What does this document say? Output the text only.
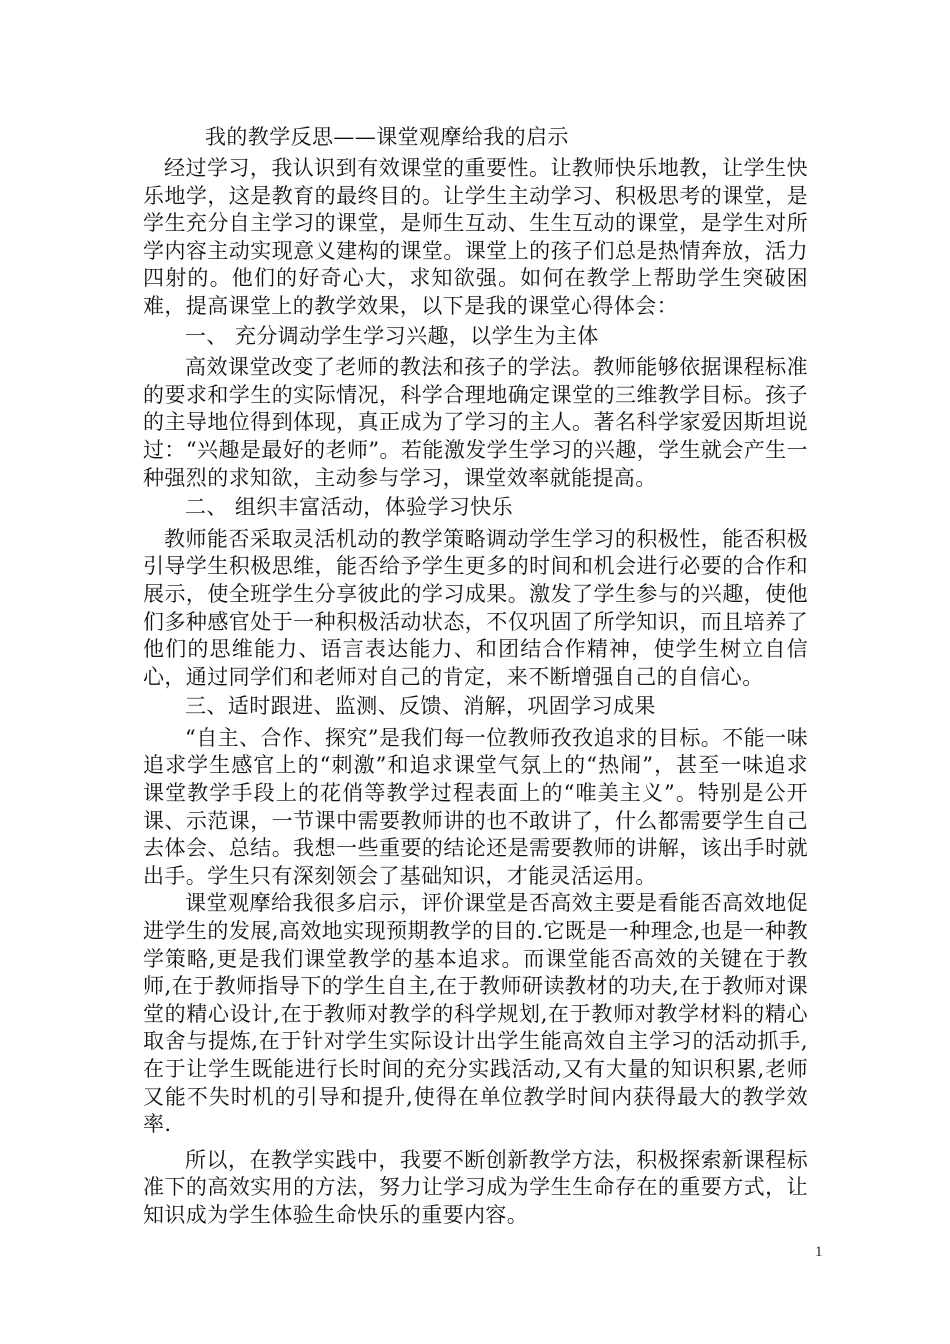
我的教学反思——课堂观摩给我的启示

经过学习，我认识到有效课堂的重要性。让教师快乐地教，让学生快乐地学，这是教育的最终目的。让学生主动学习、积极思考的课堂，是学生充分自主学习的课堂，是师生互动、生生互动的课堂，是学生对所学内容主动实现意义建构的课堂。课堂上的孩子们总是热情奔放，活力四射的。他们的好奇心大，求知欲强。如何在教学上帮助学生突破困难，提高课堂上的教学效果，以下是我的课堂心得体会：

一、 充分调动学生学习兴趣，以学生为主体

高效课堂改变了老师的教法和孩子的学法。教师能够依据课程标准的要求和学生的实际情况，科学合理地确定课堂的三维教学目标。孩子的主导地位得到体现，真正成为了学习的主人。著名科学家爱因斯坦说过：“兴趣是最好的老师”。若能激发学生学习的兴趣，学生就会产生一种强烈的求知欲，主动参与学习，课堂效率就能提高。

二、 组织丰富活动，体验学习快乐

教师能否采取灵活机动的教学策略调动学生学习的积极性，能否积极引导学生积极思维，能否给予学生更多的时间和机会进行必要的合作和展示，使全班学生分享彼此的学习成果。激发了学生参与的兴趣，使他们多种感官处于一种积极活动状态，不仅巩固了所学知识，而且培养了他们的思维能力、语言表达能力、和团结合作精神，使学生树立自信心，通过同学们和老师对自己的肯定，来不断增强自己的自信心。

三、适时跟进、监测、反馈、消解，巩固学习成果

“自主、合作、探究”是我们每一位教师孜孜追求的目标。不能一味追求学生感官上的“刺激”和追求课堂气氛上的“热闹”，甚至一味追求课堂教学手段上的花俏等教学过程表面上的“唯美主义”。特别是公开课、示范课，一节课中需要教师讲的也不敢讲了，什么都需要学生自己去体会、总结。我想一些重要的结论还是需要教师的讲解，该出手时就出手。学生只有深刻领会了基础知识，才能灵活运用。

课堂观摩给我很多启示，评价课堂是否高效主要是看能否高效地促进学生的发展,高效地实现预期教学的目的.它既是一种理念,也是一种教学策略,更是我们课堂教学的基本追求。而课堂能否高效的关键在于教师,在于教师指导下的学生自主,在于教师研读教材的功夫,在于教师对课堂的精心设计,在于教师对教学的科学规划,在于教师对教学材料的精心取舍与提炼,在于针对学生实际设计出学生能高效自主学习的活动抓手,在于让学生既能进行长时间的充分实践活动,又有大量的知识积累,老师又能不失时机的引导和提升,使得在单位教学时间内获得最大的教学效率.

所以，在教学实践中，我要不断创新教学方法，积极探索新课程标准下的高效实用的方法，努力让学习成为学生生命存在的重要方式，让知识成为学生体验生命快乐的重要内容。

1
